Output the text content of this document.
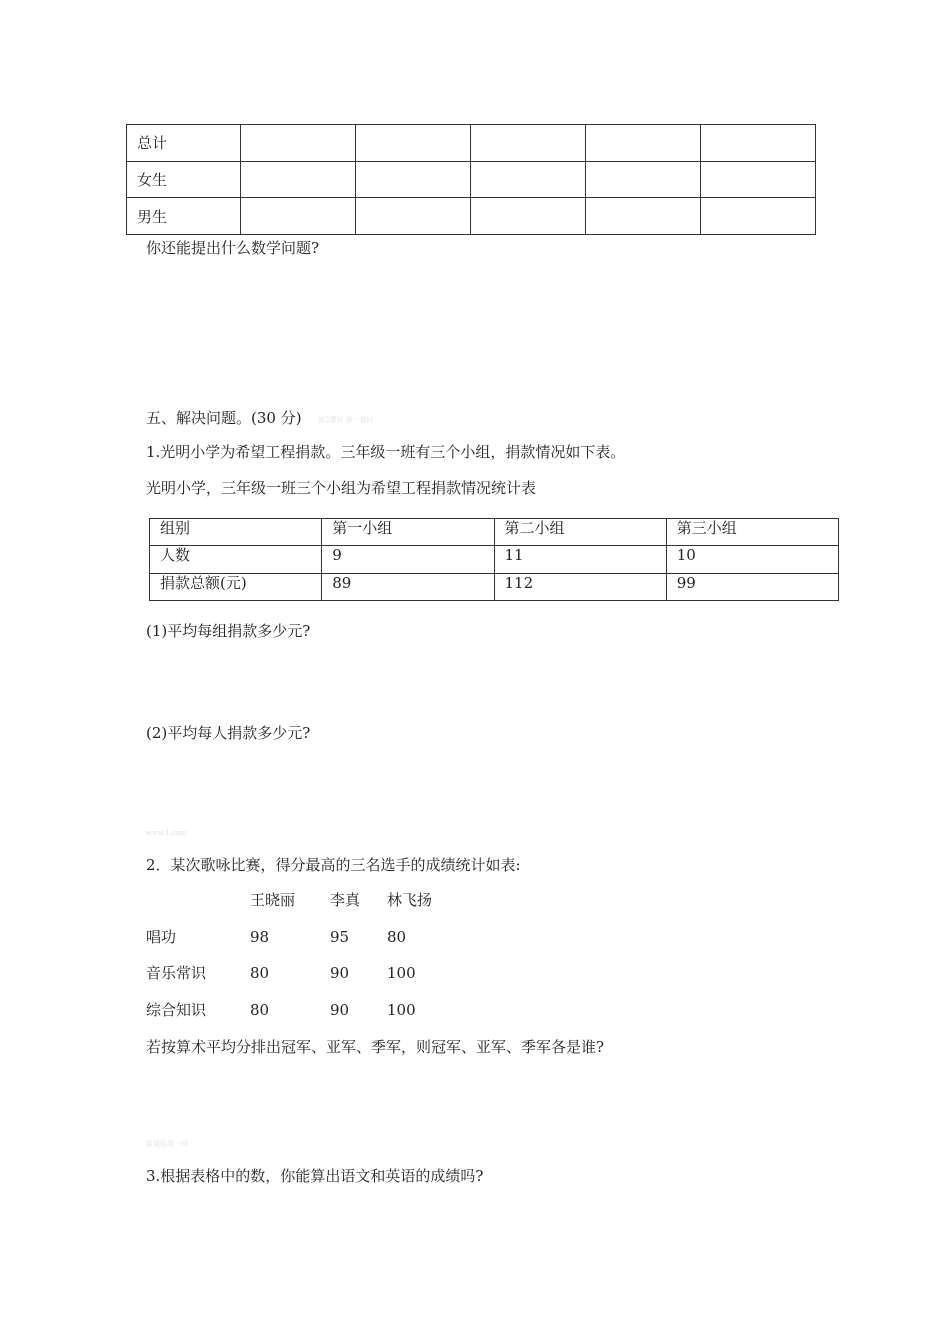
总计					
女生					
男生					
你还能提出什么数学问题?
五、解决问题。(30 分) 第2课时 第一课时
1.光明小学为希望工程捐款。三年级一班有三个小组，捐款情况如下表。
光明小学，三年级一班三个小组为希望工程捐款情况统计表
组别	第一小组	第二小组	第三小组
人数	9	11	10
捐款总额(元)	89	112	99
(1)平均每组捐款多少元?
(2)平均每人捐款多少元?
www.1.com
2．某次歌咏比赛，得分最高的三名选手的成绩统计如表:
王晓丽 李真 林飞扬
唱功	98	95	80
音乐常识	80	90	100
综合知识	80	90	100
若按算术平均分排出冠军、亚军、季军，则冠军、亚军、季军各是谁?
新课标第一网
3.根据表格中的数，你能算出语文和英语的成绩吗?
